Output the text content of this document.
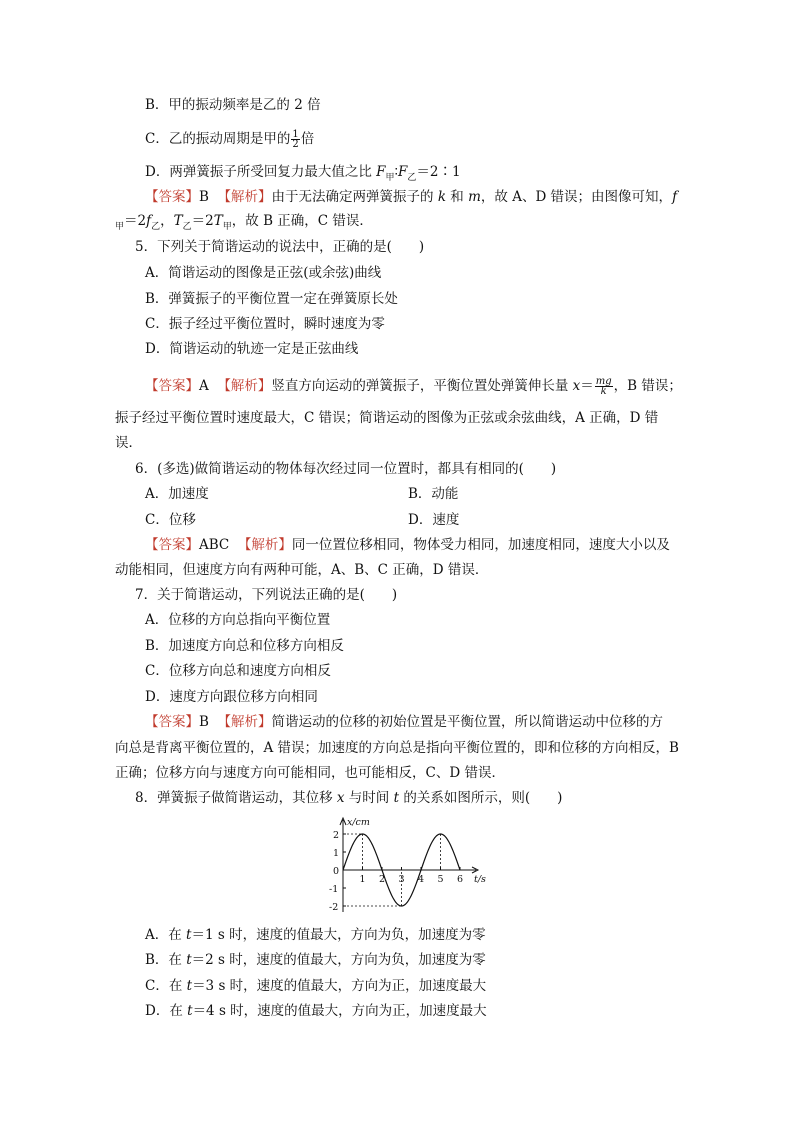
B．甲的振动频率是乙的 2 倍
C．乙的振动周期是甲的 $\frac{1}{2}$ 倍
D．两弹簧振子所受回复力最大值之比 $F_甲∶F_乙=2∶1$
【答案】B 【解析】由于无法确定两弹簧振子的 k 和 m，故 A、D 错误；由图像可知，f
$_甲=2f_乙$，$T_乙=2T_甲$，故 B 正确，C 错误．
5．下列关于简谐运动的说法中，正确的是(　　)
A．简谐运动的图像是正弦(或余弦)曲线
B．弹簧振子的平衡位置一定在弹簧原长处
C．振子经过平衡位置时，瞬时速度为零
D．简谐运动的轨迹一定是正弦曲线
【答案】A 【解析】竖直方向运动的弹簧振子，平衡位置处弹簧伸长量 $x= \frac{mg}{k}$ ，B 错误；
振子经过平衡位置时速度最大，C 错误；简谐运动的图像为正弦或余弦曲线，A 正确，D 错
误．
6．(多选)做简谐运动的物体每次经过同一位置时，都具有相同的(　　)
A．加速度	B．动能
C．位移	D．速度
【答案】ABC 【解析】同一位置位移相同，物体受力相同，加速度相同，速度大小以及
动能相同，但速度方向有两种可能，A、B、C 正确，D 错误．
7．关于简谐运动，下列说法正确的是(　　)
A．位移的方向总指向平衡位置
B．加速度方向总和位移方向相反
C．位移方向总和速度方向相反
D．速度方向跟位移方向相同
【答案】B 【解析】简谐运动的位移的初始位置是平衡位置，所以简谐运动中位移的方
向总是背离平衡位置的，A 错误；加速度的方向总是指向平衡位置的，即和位移的方向相反，B
正确；位移方向与速度方向可能相同，也可能相反，C、D 错误．
8．弹簧振子做简谐运动，其位移 x 与时间 t 的关系如图所示，则(　　)
x/cm
t/s
0
1 2 3 4 5 6
2
1
-1
-2
A．在 t＝1 s 时，速度的值最大，方向为负，加速度为零
B．在 t＝2 s 时，速度的值最大，方向为负，加速度为零
C．在 t＝3 s 时，速度的值最大，方向为正，加速度最大
D．在 t＝4 s 时，速度的值最大，方向为正，加速度最大
